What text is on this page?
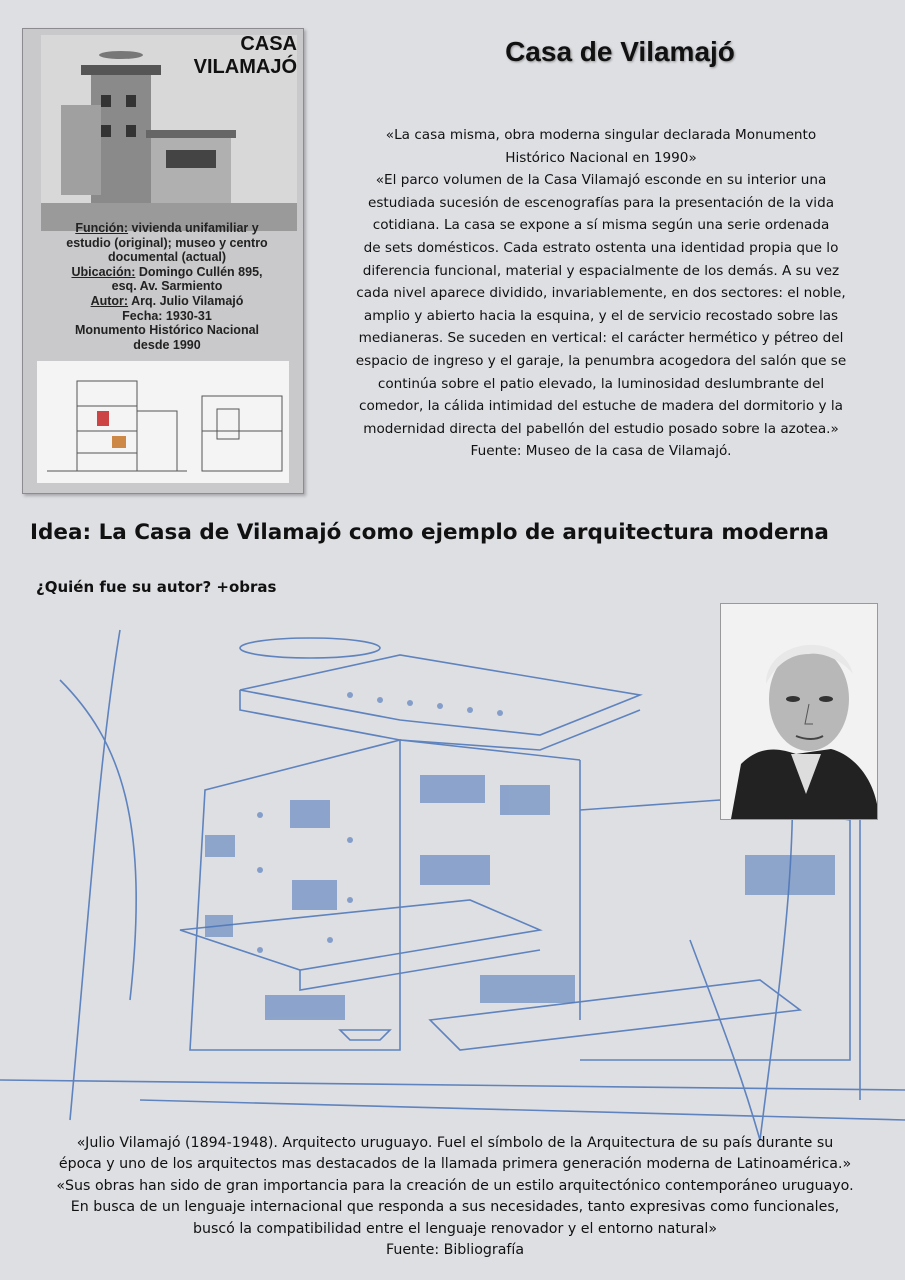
CASA
VILAMAJÓ
Función: vivienda unifamiliar y
estudio (original); museo y centro
documental (actual)
Ubicación: Domingo Cullén 895,
esq. Av. Sarmiento
Autor: Arq. Julio Vilamajó
Fecha: 1930-31
Monumento Histórico Nacional
desde 1990
Casa de Vilamajó
«La casa misma, obra moderna singular declarada Monumento
Histórico Nacional en 1990»
«El parco volumen de la Casa Vilamajó esconde en su interior una
estudiada sucesión de escenografías para la presentación de la vida
cotidiana. La casa se expone a sí misma según una serie ordenada
de sets domésticos. Cada estrato ostenta una identidad propia que lo
diferencia funcional, material y espacialmente de los demás. A su vez
cada nivel aparece dividido, invariablemente, en dos sectores: el noble,
amplio y abierto hacia la esquina, y el de servicio recostado sobre las
medianeras. Se suceden en vertical: el carácter hermético y pétreo del
espacio de ingreso y el garaje, la penumbra acogedora del salón que se
continúa sobre el patio elevado, la luminosidad deslumbrante del
comedor, la cálida intimidad del estuche de madera del dormitorio y la
modernidad directa del pabellón del estudio posado sobre la azotea.»
Fuente: Museo de la casa de Vilamajó.
Idea: La Casa de Vilamajó como ejemplo de arquitectura moderna
¿Quién fue su autor? +obras
«Julio Vilamajó (1894-1948). Arquitecto uruguayo. Fuel el símbolo de la Arquitectura de su país durante su
época y uno de los arquitectos mas destacados de la llamada primera generación moderna de Latinoamérica.»
«Sus obras han sido de gran importancia para la creación de un estilo arquitectónico contemporáneo uruguayo.
En busca de un lenguaje internacional que responda a sus necesidades, tanto expresivas como funcionales,
buscó la compatibilidad entre el lenguaje renovador y el entorno natural»
Fuente: Bibliografía
